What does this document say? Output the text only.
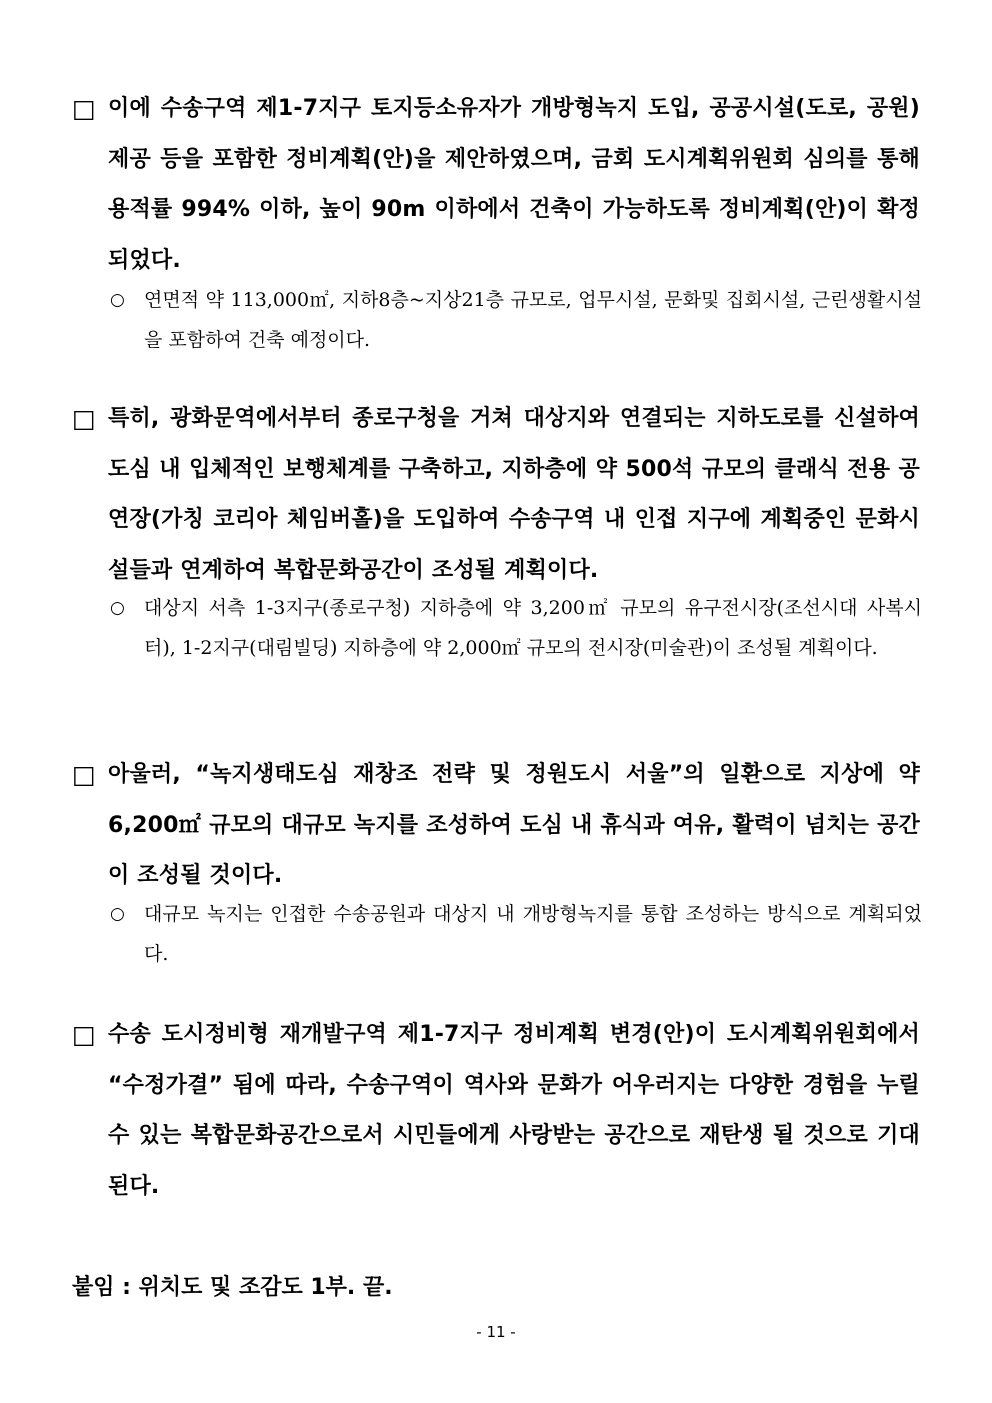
□ 이에 수송구역 제1-7지구 토지등소유자가 개방형녹지 도입, 공공시설(도로, 공원) 제공 등을 포함한 정비계획(안)을 제안하였으며, 금회 도시계획위원회 심의를 통해 용적률 994% 이하, 높이 90m 이하에서 건축이 가능하도록 정비계획(안)이 확정되었다.
○ 연면적 약 113,000㎡, 지하8층~지상21층 규모로, 업무시설, 문화및 집회시설, 근린생활시설을 포함하여 건축 예정이다.
□ 특히, 광화문역에서부터 종로구청을 거쳐 대상지와 연결되는 지하도로를 신설하여 도심 내 입체적인 보행체계를 구축하고, 지하층에 약 500석 규모의 클래식 전용 공연장(가칭 코리아 체임버홀)을 도입하여 수송구역 내 인접 지구에 계획중인 문화시설들과 연계하여 복합문화공간이 조성될 계획이다.
○ 대상지 서측 1-3지구(종로구청) 지하층에 약 3,200㎡ 규모의 유구전시장(조선시대 사복시 터), 1-2지구(대림빌딩) 지하층에 약 2,000㎡ 규모의 전시장(미술관)이 조성될 계획이다.
□ 아울러, “녹지생태도심 재창조 전략 및 정원도시 서울”의 일환으로 지상에 약 6,200㎡ 규모의 대규모 녹지를 조성하여 도심 내 휴식과 여유, 활력이 넘치는 공간이 조성될 것이다.
○ 대규모 녹지는 인접한 수송공원과 대상지 내 개방형녹지를 통합 조성하는 방식으로 계획되었다.
□ 수송 도시정비형 재개발구역 제1-7지구 정비계획 변경(안)이 도시계획위원회에서 “수정가결” 됨에 따라, 수송구역이 역사와 문화가 어우러지는 다양한 경험을 누릴 수 있는 복합문화공간으로서 시민들에게 사랑받는 공간으로 재탄생 될 것으로 기대된다.
붙임 : 위치도 및 조감도 1부. 끝.
- 11 -
